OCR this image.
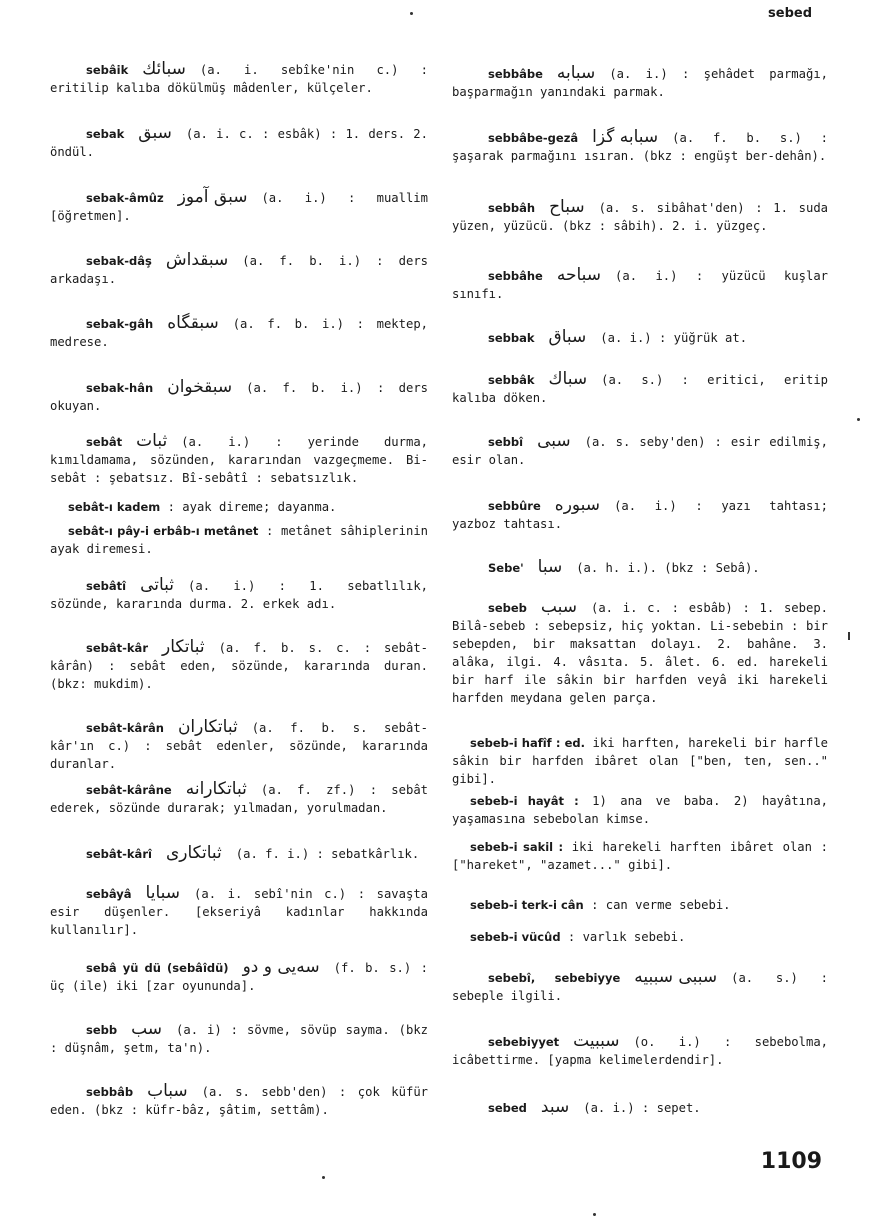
sebed

sebâik سبائك (a. i. sebîke'nin c.) : eritilip kalıba dökülmüş mâdenler, külçeler.

sebak سبق (a. i. c. : esbâk) : 1. ders. 2. öndül.

sebak-âmûz سبق آموز (a. i.) : muallim [öğretmen].

sebak-dâş سبقداش (a. f. b. i.) : ders arkadaşı.

sebak-gâh سبقگاه (a. f. b. i.) : mektep, medrese.

sebak-hân سبقخوان (a. f. b. i.) : ders okuyan.

sebât ثبات (a. i.) : yerinde durma, kımıldamama, sözünden, kararından vazgeçmeme. Bi-sebât : şebatsız. Bî-sebâtî : sebatsızlık.

sebât-ı kadem : ayak direme; dayanma.

sebât-ı pây-i erbâb-ı metânet : metânet sâhiplerinin ayak diremesi.

sebâtî ثباتی (a. i.) : 1. sebatlılık, sözünde, kararında durma. 2. erkek adı.

sebât-kâr ثباتكار (a. f. b. s. c. : sebât-kârân) : sebât eden, sözünde, kararında duran. (bkz: mukdim).

sebât-kârân ثباتكاران (a. f. b. s. sebât-kâr'ın c.) : sebât edenler, sözünde, kararında duranlar.

sebât-kârâne ثباتكارانه (a. f. zf.) : sebât ederek, sözünde durarak; yılmadan, yorulmadan.

sebât-kârî ثباتكاری (a. f. i.) : sebatkârlık.

sebâyâ سبايا (a. i. sebî'nin c.) : savaşta esir düşenler. [ekseriyâ kadınlar hakkında kullanılır].

sebâ yü dü (sebâîdü) سه‌یی و دو (f. b. s.) : üç (ile) iki [zar oyununda].

sebb سب (a. i) : sövme, sövüp sayma. (bkz : düşnâm, şetm, ta'n).

sebbâb سباب (a. s. sebb'den) : çok küfür eden. (bkz : küfr-bâz, şâtim, settâm).

sebbâbe سبابه (a. i.) : şehâdet parmağı, başparmağın yanındaki parmak.

sebbâbe-gezâ سبابه گزا (a. f. b. s.) : şaşarak parmağını ısıran. (bkz : engüşt ber-dehân).

sebbâh سباح (a. s. sibâhat'den) : 1. suda yüzen, yüzücü. (bkz : sâbih). 2. i. yüzgeç.

sebbâhe سباحه (a. i.) : yüzücü kuşlar sınıfı.

sebbak سباق (a. i.) : yüğrük at.

sebbâk سباك (a. s.) : eritici, eritip kalıba döken.

sebbî سبی (a. s. seby'den) : esir edilmiş, esir olan.

sebbûre سبوره (a. i.) : yazı tahtası; yazboz tahtası.

Sebe' سبا (a. h. i.). (bkz : Sebâ).

sebeb سبب (a. i. c. : esbâb) : 1. sebep. Bilâ-sebeb : sebepsiz, hiç yoktan. Li-sebebin : bir sebepden, bir maksattan dolayı. 2. bahâne. 3. alâka, ilgi. 4. vâsıta. 5. âlet. 6. ed. harekeli bir harf ile sâkin bir harfden veyâ iki harekeli harfden meydana gelen parça.

sebeb-i hafîf : ed. iki harften, harekeli bir harfle sâkin bir harfden ibâret olan ["ben, ten, sen.." gibi].

sebeb-i hayât : 1) ana ve baba. 2) hayâtına, yaşamasına sebebolan kimse.

sebeb-i sakil : iki harekeli harften ibâret olan : ["hareket", "azamet..." gibi].

sebeb-i terk-i cân : can verme sebebi.

sebeb-i vücûd : varlık sebebi.

sebebî, sebebiyye سببی سببیه (a. s.) : sebeple ilgili.

sebebiyyet سببيت (o. i.) : sebebolma, icâbettirme. [yapma kelimelerdendir].

sebed سبد (a. i.) : sepet.

1109
